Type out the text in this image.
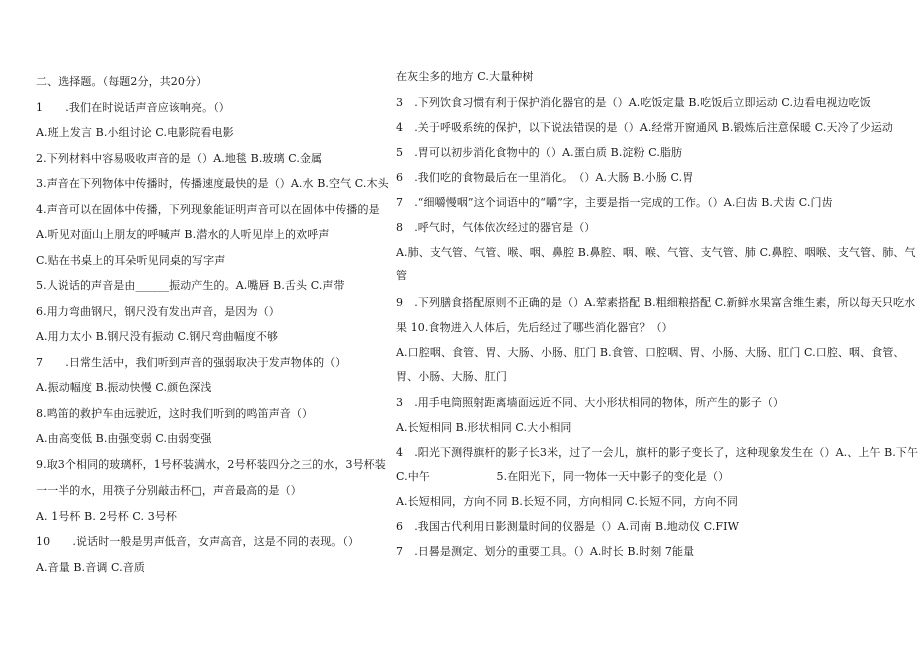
二、选择题。（每题2分，共20分）
1　　.我们在时说话声音应该响亮。（）
A.班上发言 B.小组讨论 C.电影院看电影
2.下列材料中容易吸收声音的是（）A.地毯 B.玻璃 C.金属
3.声音在下列物体中传播时，传播速度最快的是（）A.水 B.空气 C.木头
4.声音可以在固体中传播，下列现象能证明声音可以在固体中传播的是
A.听见对面山上朋友的呼喊声 B.潜水的人听见岸上的欢呼声
C.贴在书桌上的耳朵听见同桌的写字声
5.人说话的声音是由______振动产生的。A.嘴唇 B.舌头 C.声带
6.用力弯曲钢尺，钢尺没有发出声音，是因为（）
A.用力太小 B.钢尺没有振动 C.钢尺弯曲幅度不够
7　　.日常生活中，我们听到声音的强弱取决于发声物体的（）
A.振动幅度 B.振动快慢 C.颜色深浅
8.鸣笛的救护车由远驶近，这时我们听到的鸣笛声音（）
A.由高变低 B.由强变弱 C.由弱变强
9.取3个相同的玻璃杯，1号杯装满水，2号杯装四分之三的水，3号杯装
一一半的水，用筷子分别敲击杯□，声音最高的是（）
A. 1号杯 B. 2号杯 C. 3号杯
10　　.说话时一般是男声低音，女声高音，这是不同的表现。（）
A.音量 B.音调 C.音质
在灰尘多的地方 C.大量种树
3　.下列饮食习惯有利于保护消化器官的是（）A.吃饭定量 B.吃饭后立即运动 C.边看电视边吃饭
4　.关于呼吸系统的保护，以下说法错误的是（）A.经常开窗通风 B.锻炼后注意保暖 C.天冷了少运动
5　.胃可以初步消化食物中的（）A.蛋白质 B.淀粉 C.脂肪
6　.我们吃的食物最后在一里消化。　（）A.大肠 B.小肠 C.胃
7　.“细嚼慢咽”这个词语中的“嚼”字，主要是指一完成的工作。（）A.臼齿 B.犬齿 C.门齿
8　.呼气时，气体依次经过的器官是（）
A.肺、支气管、气管、喉、咽、鼻腔 B.鼻腔、咽、喉、气管、支气管、肺 C.鼻腔、咽喉、支气管、肺、气
管
9　.下列膳食搭配原则不正确的是（）A.荤素搭配 B.粗细粮搭配 C.新鲜水果富含维生素，所以每天只吃水
果 10.食物进入人体后，先后经过了哪些消化器官？（）
A.口腔咽、食管、胃、大肠、小肠、肛门 B.食管、口腔咽、胃、小肠、大肠、肛门 C.口腔、咽、食管、
胃、小肠、大肠、肛门
3　.用手电筒照射距离墙面远近不同、大小形状相同的物体，所产生的影子（）
A.长短相同 B.形状相同 C.大小相同
4　.阳光下测得旗杆的影子长3米，过了一会儿，旗杆的影子变长了，这种现象发生在（）A.、上午 B.下午
C.中午　　　　　　5.在阳光下，同一物体一天中影子的变化是（）
A.长短相同，方向不同 B.长短不同，方向相同 C.长短不同，方向不同
6　.我国古代利用日影测量时间的仪器是（）A.司南 B.地动仪 C.FIW
7　.日晷是测定、划分的重要工具。（）A.时长 B.时刻 7能量
